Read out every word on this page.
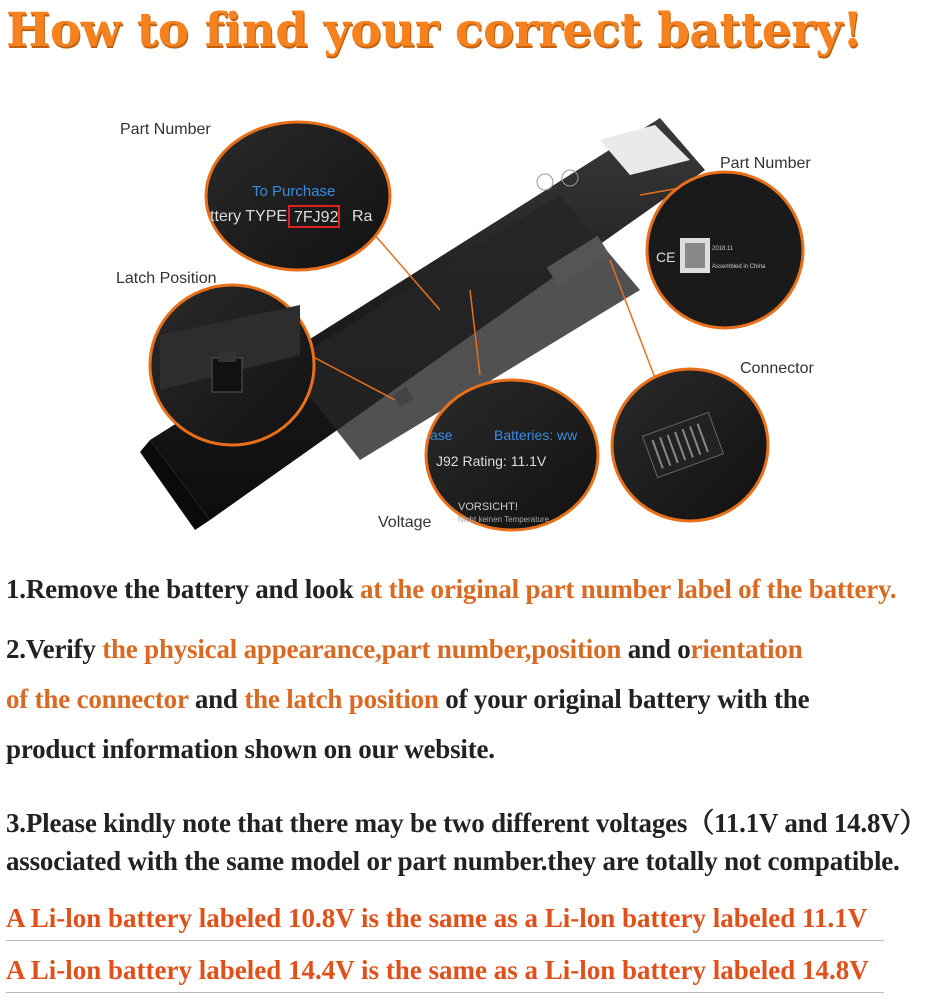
How to find your correct battery!
To Purchase
ttery TYPE 7FJ92 Ra
CE	2018.11
Assembled in China
ase	Batteries: ww
J92 Rating: 11.1V
VORSICHT!
Nicht keinen Temperature
Part Number
Part Number
Latch Position
Connector
Voltage
1.Remove the battery and look at the original part number label of the battery.
2.Verify the physical appearance,part number,position and orientation
of the connector and the latch position of your original battery with the
product information shown on our website.
3.Please kindly note that there may be two different voltages（11.1V and 14.8V）
associated with the same model or part number.they are totally not compatible.
A Li-lon battery labeled 10.8V is the same as a Li-lon battery labeled 11.1V
A Li-lon battery labeled 14.4V is the same as a Li-lon battery labeled 14.8V
